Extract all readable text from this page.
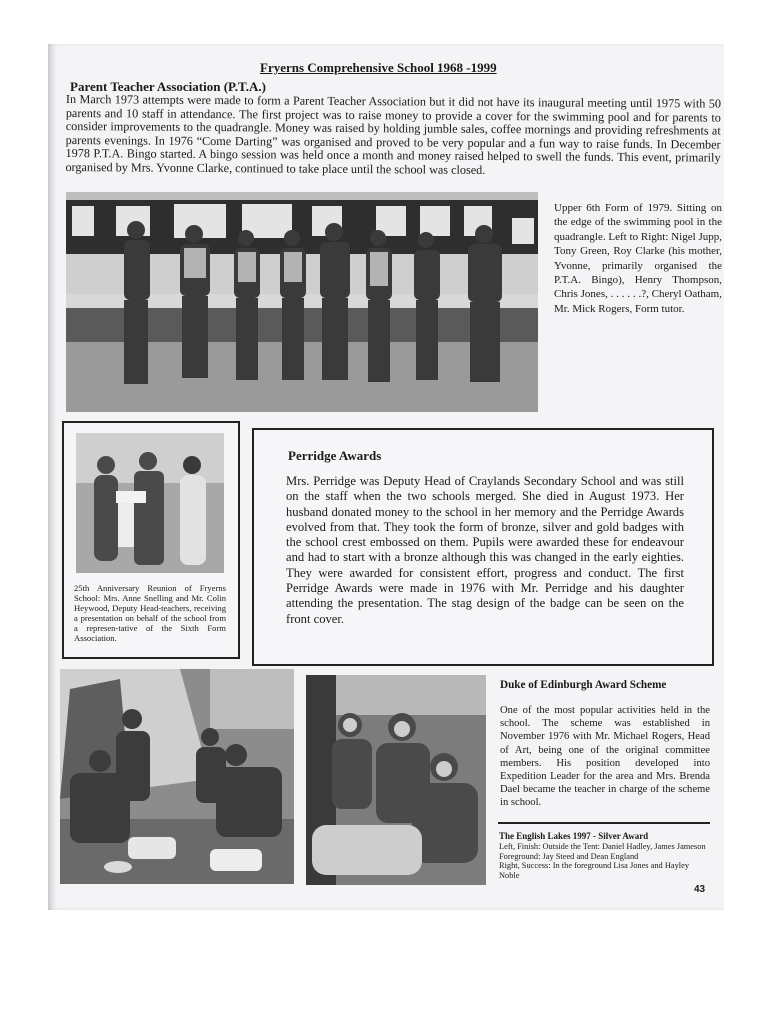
Fryerns Comprehensive School 1968 -1999
Parent Teacher Association (P.T.A.)
In March 1973 attempts were made to form a Parent Teacher Association but it did not have its inaugural meeting until 1975 with 50 parents and 10 staff in attendance. The first project was to raise money to provide a cover for the swimming pool and for parents to consider improvements to the quadrangle. Money was raised by holding jumble sales, coffee mornings and providing refreshments at parents evenings. In 1976 “Come Darting” was organised and proved to be very popular and a fun way to raise funds. In December 1978 P.T.A. Bingo started. A bingo session was held once a month and money raised helped to swell the funds. This event, primarily organised by Mrs. Yvonne Clarke, continued to take place until the school was closed.
Upper 6th Form of 1979. Sitting on the edge of the swimming pool in the quadrangle. Left to Right: Nigel Jupp, Tony Green, Roy Clarke (his mother, Yvonne, primarily organised the P.T.A. Bingo), Henry Thompson, Chris Jones, . . . . . .?, Cheryl Oatham, Mr. Mick Rogers, Form tutor.
25th Anniversary Reunion of Fryerns School: Mrs. Anne Snelling and Mr. Colin Heywood, Deputy Head-teachers, receiving a presentation on behalf of the school from a represen-tative of the Sixth Form Association.
Perridge Awards
Mrs. Perridge was Deputy Head of Craylands Secondary School and was still on the staff when the two schools merged. She died in August 1973. Her husband donated money to the school in her memory and the Perridge Awards evolved from that. They took the form of bronze, silver and gold badges with the school crest embossed on them. Pupils were awarded these for endeavour and had to start with a bronze although this was changed in the early eighties. They were awarded for consistent effort, progress and conduct. The first Perridge Awards were made in 1976 with Mr. Perridge and his daughter attending the presentation. The stag design of the badge can be seen on the front cover.
Duke of Edinburgh Award Scheme
One of the most popular activities held in the school. The scheme was established in November 1976 with Mr. Michael Rogers, Head of Art, being one of the original committee members. His position developed into Expedition Leader for the area and Mrs. Brenda Dael became the teacher in charge of the scheme in school.
The English Lakes 1997 - Silver Award
Left, Finish: Outside the Tent: Daniel Hadley, James Jameson Foreground: Jay Steed and Dean England
Right, Success: In the foreground Lisa Jones and Hayley Noble
43
